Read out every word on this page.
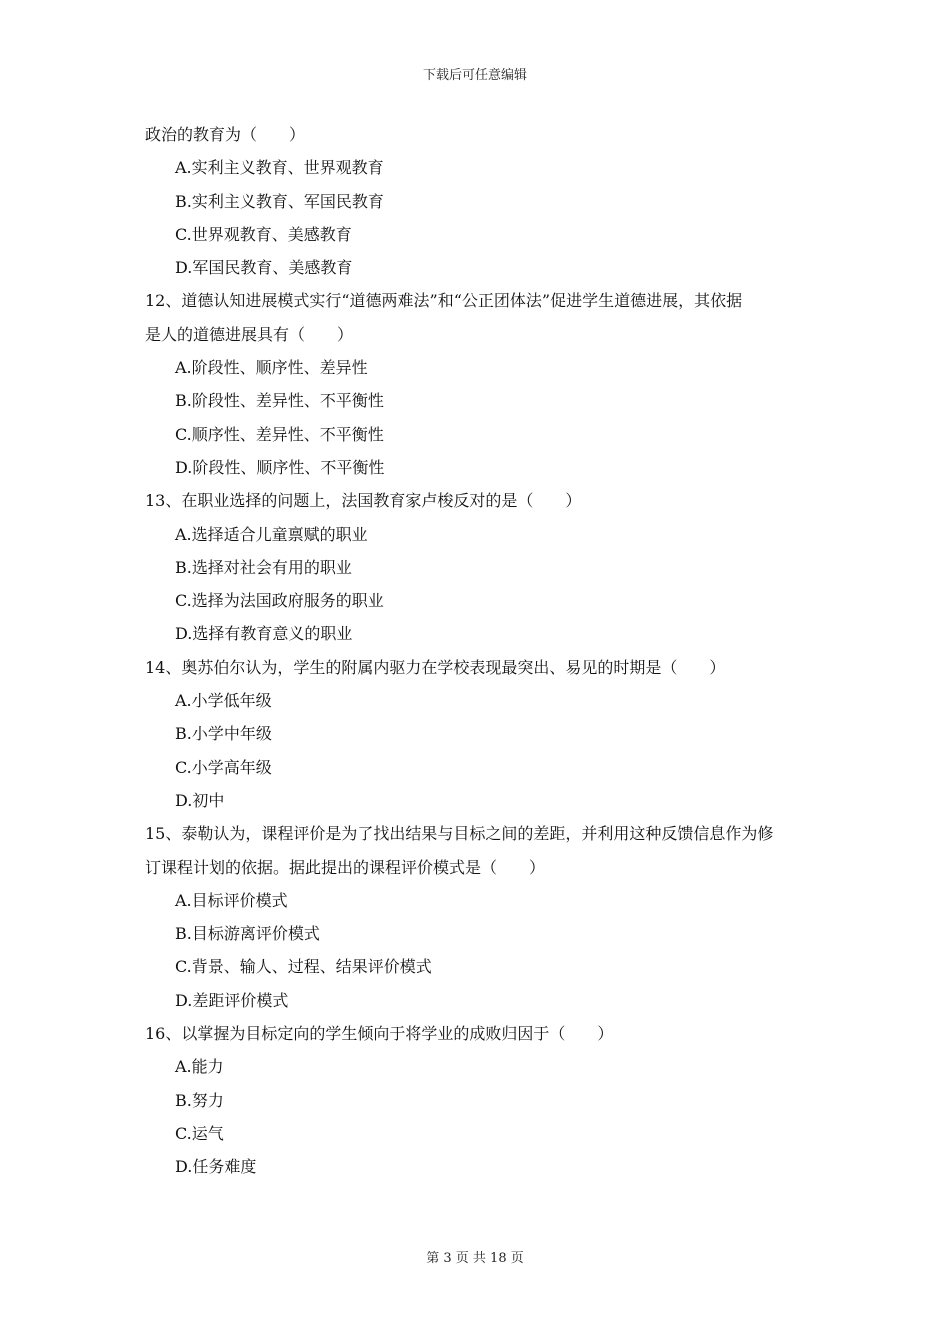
下载后可任意编辑
政治的教育为（　　）
A.实利主义教育、世界观教育
B.实利主义教育、军国民教育
C.世界观教育、美感教育
D.军国民教育、美感教育
12、道德认知进展模式实行“道德两难法”和“公正团体法”促进学生道德进展，其依据
是人的道德进展具有（　　）
A.阶段性、顺序性、差异性
B.阶段性、差异性、不平衡性
C.顺序性、差异性、不平衡性
D.阶段性、顺序性、不平衡性
13、在职业选择的问题上，法国教育家卢梭反对的是（　　）
A.选择适合儿童禀赋的职业
B.选择对社会有用的职业
C.选择为法国政府服务的职业
D.选择有教育意义的职业
14、奥苏伯尔认为，学生的附属内驱力在学校表现最突出、易见的时期是（　　）
A.小学低年级
B.小学中年级
C.小学高年级
D.初中
15、泰勒认为，课程评价是为了找出结果与目标之间的差距，并利用这种反馈信息作为修
订课程计划的依据。据此提出的课程评价模式是（　　）
A.目标评价模式
B.目标游离评价模式
C.背景、输人、过程、结果评价模式
D.差距评价模式
16、以掌握为目标定向的学生倾向于将学业的成败归因于（　　）
A.能力
B.努力
C.运气
D.任务难度
第 3 页 共 18 页
